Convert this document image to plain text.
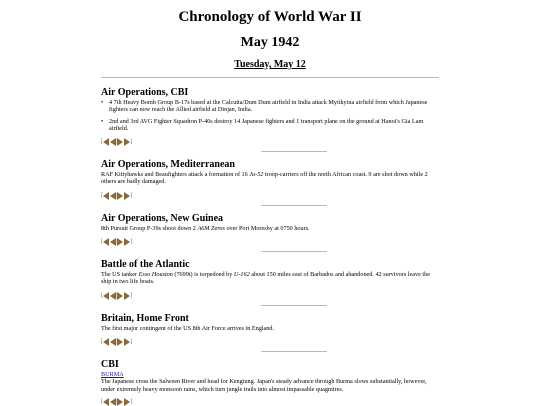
Chronology of World War II
May 1942
Tuesday, May 12
Air Operations, CBI

• 4 7th Heavy Bomb Group B-17s based at the Calcutta/Dum Dum airfield in India attack Myitkyina airfield from which Japanese fighters can now reach the Allied airfield at Dinjan, India.

• 2nd and 3rd AVG Fighter Squadron P-40s destroy 14 Japanese fighters and 1 transport plane on the ground at Hanoi's Gia Lam airfield.

[ | ]
Air Operations, Mediterranean

RAF Kittyhawks and Beaufighters attack a formation of 16 Ju-52 troop-carriers off the north African coast. 9 are shot down while 2 others are badly damaged.

[ | ]
Air Operations, New Guinea

8th Pursuit Group P-39s shoot down 2 A6M Zeros over Port Moresby at 0750 hours.

[ | ]
Battle of the Atlantic

The US tanker Esso Houston (7699t) is torpedoed by U-162 about 150 miles east of Barbados and abandoned. 42 survivors leave the ship in two life boats.

[ | ]
Britain, Home Front

The first major contingent of the US 8th Air Force arrives in England.

[ | ]
CBI
BURMA

The Japanese cross the Salween River and head for Kengtung. Japan's steady advance through Burma slows substantially, however, under extremely heavy monsoon rains, which turn jungle trails into almost impassable quagmires.

[ | ]
